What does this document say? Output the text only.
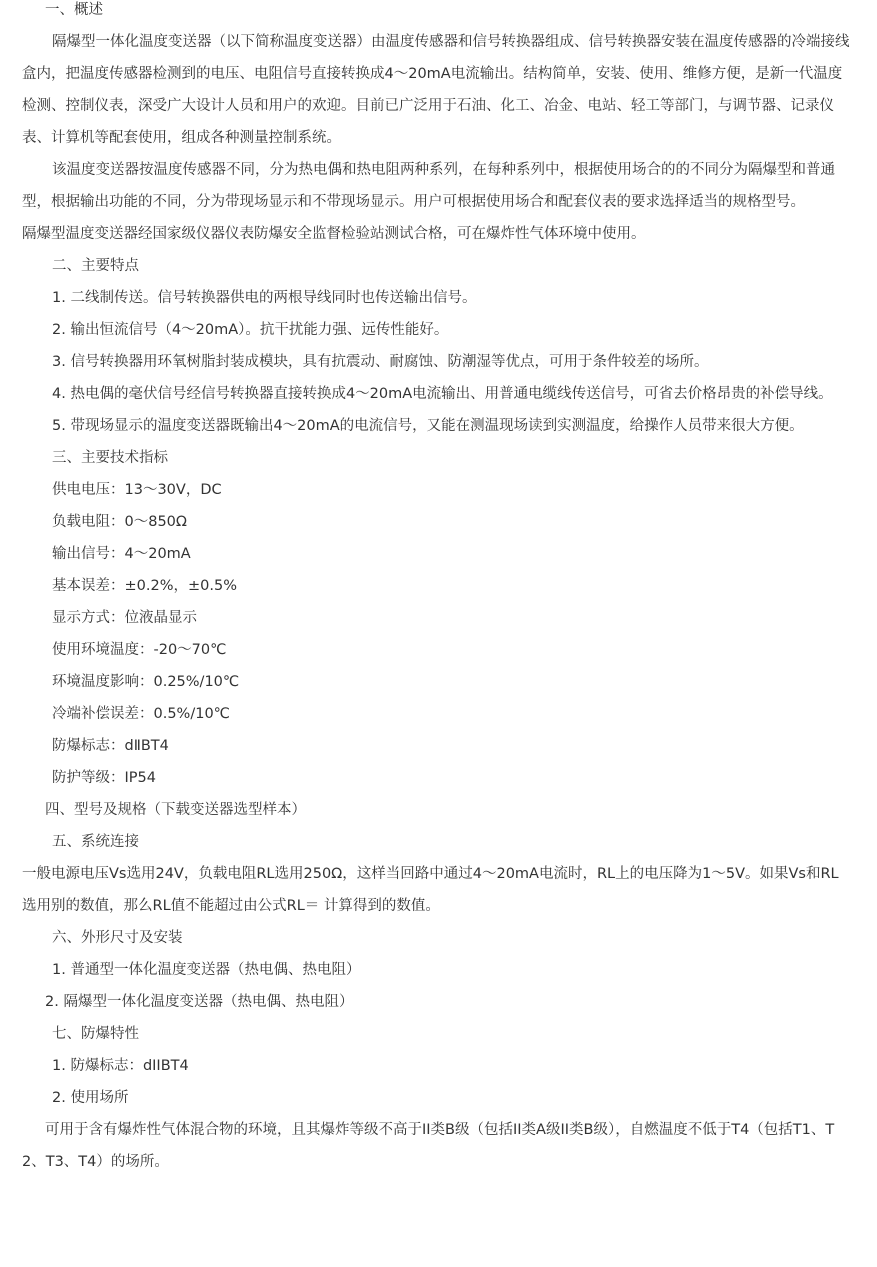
一、概述

隔爆型一体化温度变送器（以下简称温度变送器）由温度传感器和信号转换器组成、信号转换器安装在温度传感器的冷端接线盒内，把温度传感器检测到的电压、电阻信号直接转换成4～20mA电流输出。结构简单，安装、使用、维修方便，是新一代温度检测、控制仪表，深受广大设计人员和用户的欢迎。目前已广泛用于石油、化工、冶金、电站、轻工等部门，与调节器、记录仪表、计算机等配套使用，组成各种测量控制系统。

该温度变送器按温度传感器不同，分为热电偶和热电阻两种系列，在每种系列中，根据使用场合的的不同分为隔爆型和普通型，根据输出功能的不同，分为带现场显示和不带现场显示。用户可根据使用场合和配套仪表的要求选择适当的规格型号。

隔爆型温度变送器经国家级仪器仪表防爆安全监督检验站测试合格，可在爆炸性气体环境中使用。

二、主要特点

1. 二线制传送。信号转换器供电的两根导线同时也传送输出信号。

2. 输出恒流信号（4～20mA）。抗干扰能力强、远传性能好。

3. 信号转换器用环氧树脂封装成模块，具有抗震动、耐腐蚀、防潮湿等优点，可用于条件较差的场所。

4. 热电偶的毫伏信号经信号转换器直接转换成4～20mA电流输出、用普通电缆线传送信号，可省去价格昂贵的补偿导线。

5. 带现场显示的温度变送器既输出4～20mA的电流信号，又能在测温现场读到实测温度，给操作人员带来很大方便。

三、主要技术指标

供电电压：13～30V，DC

负载电阻：0～850Ω

输出信号：4～20mA

基本误差：±0.2%，±0.5%

显示方式：位液晶显示

使用环境温度：-20～70℃

环境温度影响：0.25%/10℃

冷端补偿误差：0.5%/10℃

防爆标志：dⅡBT4

防护等级：IP54

四、型号及规格（下载变送器选型样本）

五、系统连接

一般电源电压Ⅴs选用24V，负载电阻RL选用250Ω，这样当回路中通过4～20mA电流时，RL上的电压降为1～5V。如果Ⅴs和RL选用别的数值，那么RL值不能超过由公式RL＝ 计算得到的数值。

六、外形尺寸及安装

1. 普通型一体化温度变送器（热电偶、热电阻）

2. 隔爆型一体化温度变送器（热电偶、热电阻）

七、防爆特性

1. 防爆标志：dIIBT4

2. 使用场所

可用于含有爆炸性气体混合物的环境，且其爆炸等级不高于II类B级（包括II类A级II类B级），自燃温度不低于T4（包括T1、T2、T3、T4）的场所。
